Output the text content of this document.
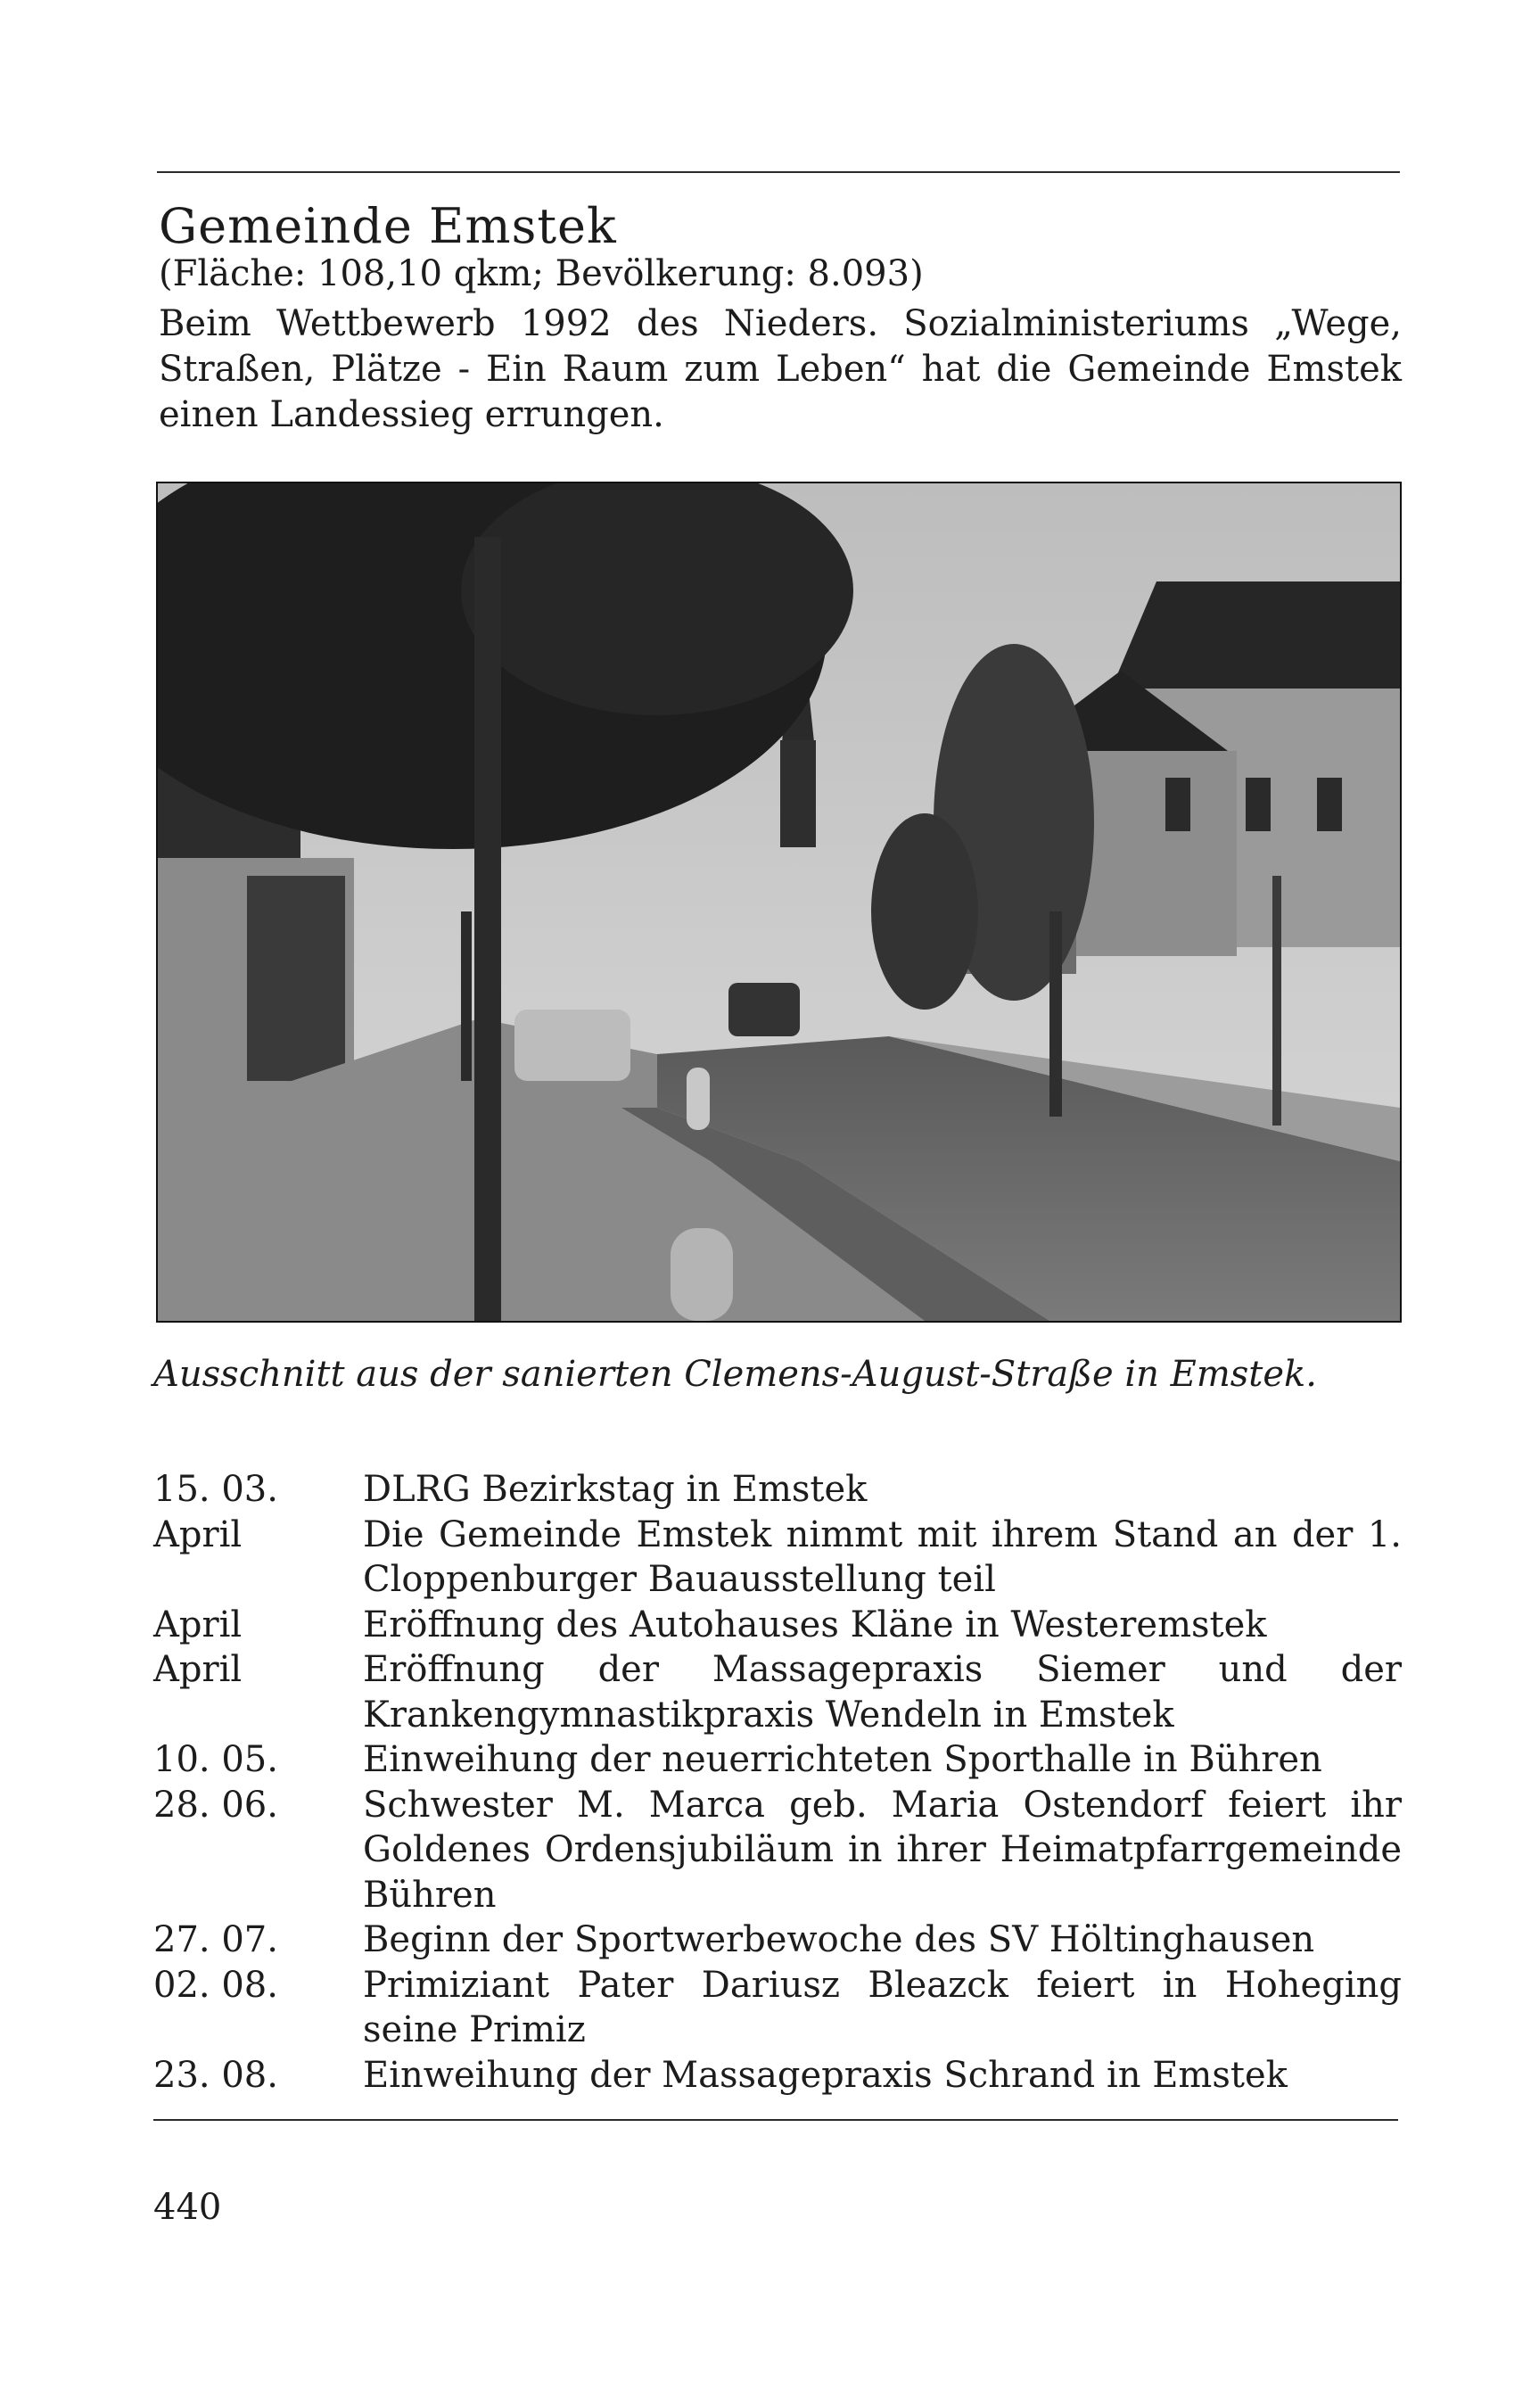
Gemeinde Emstek
(Fläche: 108,10 qkm; Bevölkerung: 8.093)

Beim Wettbewerb 1992 des Nieders. Sozialministeriums „Wege, Straßen, Plätze - Ein Raum zum Leben“ hat die Gemeinde Emstek einen Landessieg errungen.

Ausschnitt aus der sanierten Clemens-August-Straße in Emstek.
15. 03.	DLRG Bezirkstag in Emstek
April	Die Gemeinde Emstek nimmt mit ihrem Stand an der 1. Cloppenburger Bauausstellung teil
April	Eröffnung des Autohauses Kläne in Westeremstek
April	Eröffnung der Massagepraxis Siemer und der Krankengymnastikpraxis Wendeln in Emstek
10. 05.	Einweihung der neuerrichteten Sporthalle in Bühren
28. 06.	Schwester M. Marca geb. Maria Ostendorf feiert ihr Goldenes Ordensjubiläum in ihrer Heimatpfarrgemeinde Bühren
27. 07.	Beginn der Sportwerbewoche des SV Höltinghausen
02. 08.	Primiziant Pater Dariusz Bleazck feiert in Hoheging seine Primiz
23. 08.	Einweihung der Massagepraxis Schrand in Emstek
440
